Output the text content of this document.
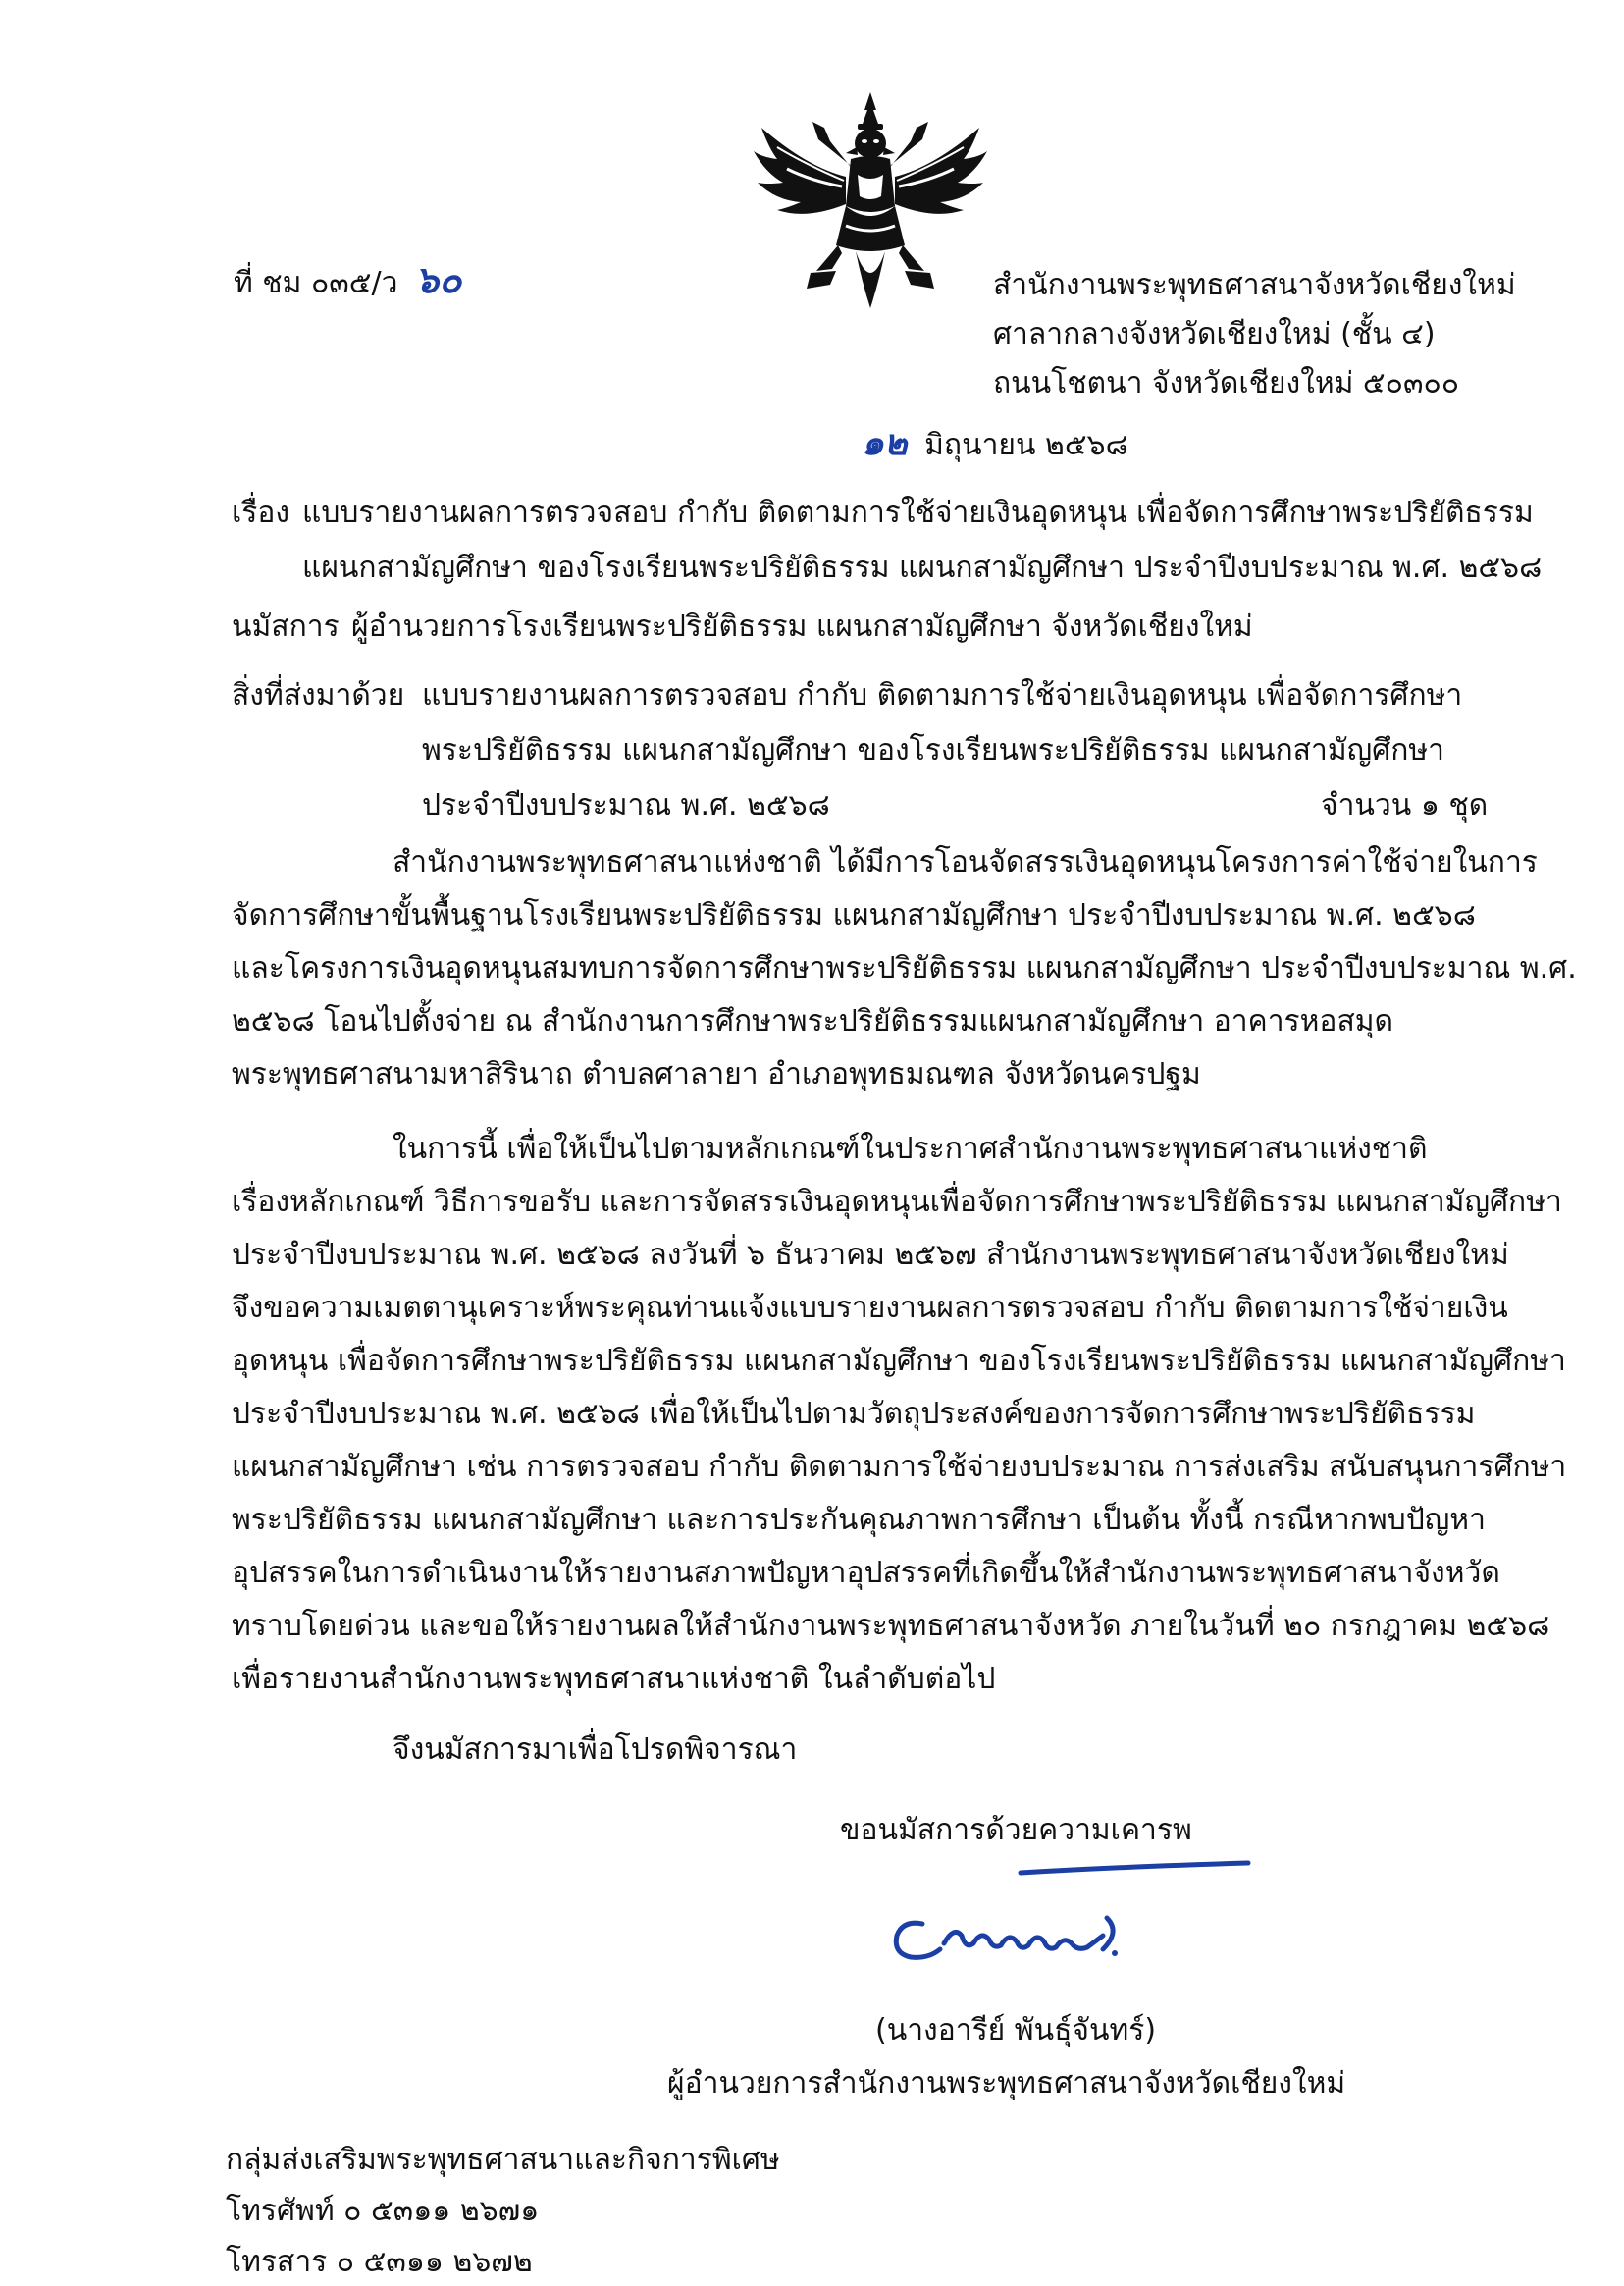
ที่ ชม ๐๓๕/ว ๖๐	สำนักงานพระพุทธศาสนาจังหวัดเชียงใหม่
ศาลากลางจังหวัดเชียงใหม่ (ชั้น ๔)
ถนนโชตนา จังหวัดเชียงใหม่ ๕๐๓๐๐
๑๒ มิถุนายน ๒๕๖๘
เรื่อง แบบรายงานผลการตรวจสอบ กำกับ ติดตามการใช้จ่ายเงินอุดหนุน เพื่อจัดการศึกษาพระปริยัติธรรม
แผนกสามัญศึกษา ของโรงเรียนพระปริยัติธรรม แผนกสามัญศึกษา ประจำปีงบประมาณ พ.ศ. ๒๕๖๘
นมัสการ ผู้อำนวยการโรงเรียนพระปริยัติธรรม แผนกสามัญศึกษา จังหวัดเชียงใหม่
สิ่งที่ส่งมาด้วย แบบรายงานผลการตรวจสอบ กำกับ ติดตามการใช้จ่ายเงินอุดหนุน เพื่อจัดการศึกษา
พระปริยัติธรรม แผนกสามัญศึกษา ของโรงเรียนพระปริยัติธรรม แผนกสามัญศึกษา
ประจำปีงบประมาณ พ.ศ. ๒๕๖๘	จำนวน ๑ ชุด
สำนักงานพระพุทธศาสนาแห่งชาติ ได้มีการโอนจัดสรรเงินอุดหนุนโครงการค่าใช้จ่ายในการ
จัดการศึกษาขั้นพื้นฐานโรงเรียนพระปริยัติธรรม แผนกสามัญศึกษา ประจำปีงบประมาณ พ.ศ. ๒๕๖๘
และโครงการเงินอุดหนุนสมทบการจัดการศึกษาพระปริยัติธรรม แผนกสามัญศึกษา ประจำปีงบประมาณ พ.ศ.
๒๕๖๘ โอนไปตั้งจ่าย ณ สำนักงานการศึกษาพระปริยัติธรรมแผนกสามัญศึกษา อาคารหอสมุด
พระพุทธศาสนามหาสิรินาถ ตำบลศาลายา อำเภอพุทธมณฑล จังหวัดนครปฐม
ในการนี้ เพื่อให้เป็นไปตามหลักเกณฑ์ในประกาศสำนักงานพระพุทธศาสนาแห่งชาติ
เรื่องหลักเกณฑ์ วิธีการขอรับ และการจัดสรรเงินอุดหนุนเพื่อจัดการศึกษาพระปริยัติธรรม แผนกสามัญศึกษา
ประจำปีงบประมาณ พ.ศ. ๒๕๖๘ ลงวันที่ ๖ ธันวาคม ๒๕๖๗ สำนักงานพระพุทธศาสนาจังหวัดเชียงใหม่
จึงขอความเมตตานุเคราะห์พระคุณท่านแจ้งแบบรายงานผลการตรวจสอบ กำกับ ติดตามการใช้จ่ายเงิน
อุดหนุน เพื่อจัดการศึกษาพระปริยัติธรรม แผนกสามัญศึกษา ของโรงเรียนพระปริยัติธรรม แผนกสามัญศึกษา
ประจำปีงบประมาณ พ.ศ. ๒๕๖๘ เพื่อให้เป็นไปตามวัตถุประสงค์ของการจัดการศึกษาพระปริยัติธรรม
แผนกสามัญศึกษา เช่น การตรวจสอบ กำกับ ติดตามการใช้จ่ายงบประมาณ การส่งเสริม สนับสนุนการศึกษา
พระปริยัติธรรม แผนกสามัญศึกษา และการประกันคุณภาพการศึกษา เป็นต้น ทั้งนี้ กรณีหากพบปัญหา
อุปสรรคในการดำเนินงานให้รายงานสภาพปัญหาอุปสรรคที่เกิดขึ้นให้สำนักงานพระพุทธศาสนาจังหวัด
ทราบโดยด่วน และขอให้รายงานผลให้สำนักงานพระพุทธศาสนาจังหวัด ภายในวันที่ ๒๐ กรกฎาคม ๒๕๖๘
เพื่อรายงานสำนักงานพระพุทธศาสนาแห่งชาติ ในลำดับต่อไป
จึงนมัสการมาเพื่อโปรดพิจารณา
ขอนมัสการด้วยความเคารพ
(นางอารีย์ พันธุ์จันทร์)
ผู้อำนวยการสำนักงานพระพุทธศาสนาจังหวัดเชียงใหม่
กลุ่มส่งเสริมพระพุทธศาสนาและกิจการพิเศษ
โทรศัพท์ ๐ ๕๓๑๑ ๒๖๗๑
โทรสาร ๐ ๕๓๑๑ ๒๖๗๒
